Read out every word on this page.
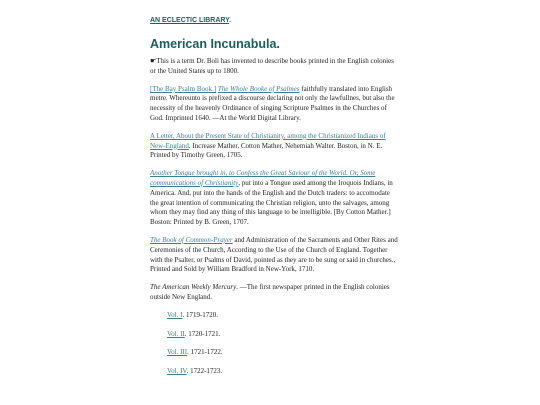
AN ECLECTIC LIBRARY.
American Incunabula.

☛This is a term Dr. Boli has invented to describe books printed in the English colonies or the United States up to 1800.

[The Bay Psalm Book.] The Whole Booke of Psalmes faithfully translated into English metre. Whereunto is prefixed a discourse declaring not only the lawfullnes, but also the necessity of the heavenly Ordinance of singing Scripture Psalmes in the Churches of God. Imprinted 1640. —At the World Digital Library.

A Letter, About the Present State of Christianity, among the Christianized Indians of New-England. Increase Mather, Cotton Mather, Nehemiah Walter. Boston, in N. E. Printed by Timothy Green, 1705.

Another Tongue brought in, to Confess the Great Saviour of the World. Or, Some communications of Christianity, put into a Tongue used among the Iroquois Indians, in America. And, put into the hands of the English and the Dutch traders: to accomodate the great intention of communicating the Christian religion, unto the salvages, among whom they may find any thing of this language to be intelligible. [By Cotton Mather.] Boston: Printed by B. Green, 1707.

The Book of Common-Prayer and Administration of the Sacraments and Other Rites and Ceremonies of the Church, According to the Use of the Church of England. Together with the Psalter, or Psalms of David, pointed as they are to be sung or said in churches., Printed and Sold by William Bradford in New-York, 1710.

The American Weekly Mercury. —The first newspaper printed in the English colonies outside New England.

Vol. I. 1719-1720.

Vol. II. 1720-1721.

Vol. III. 1721-1722.

Vol. IV. 1722-1723.
